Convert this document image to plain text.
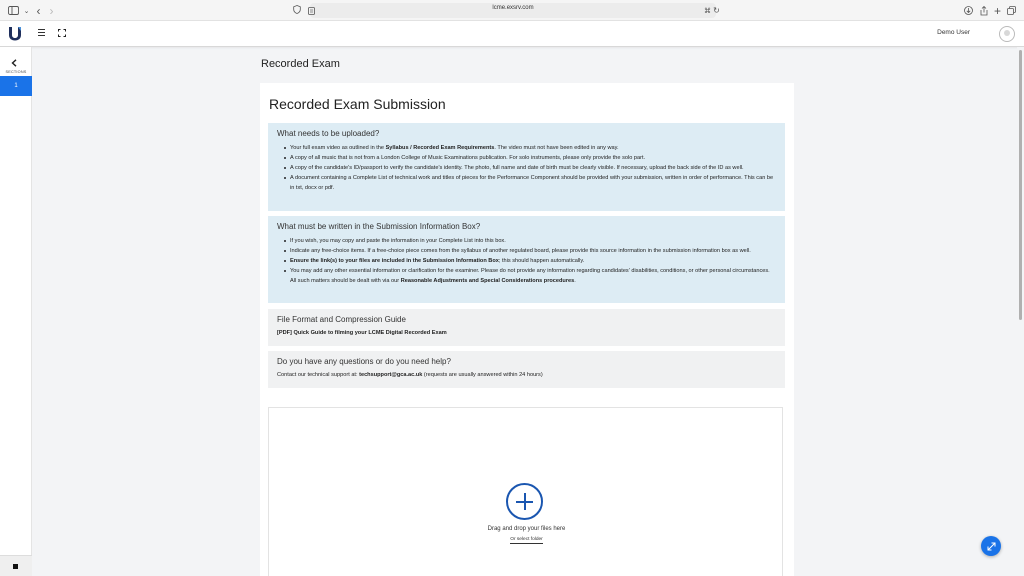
⌄ ‹ ›	lcme.exsrv.com	⌘ ↻	+
Demo User
SECTIONS
1
Recorded Exam
Recorded Exam Submission
What needs to be uploaded?
Your full exam video as outlined in the Syllabus / Recorded Exam Requirements. The video must not have been edited in any way.
A copy of all music that is not from a London College of Music Examinations publication. For solo instruments, please only provide the solo part.
A copy of the candidate's ID/passport to verify the candidate's identity. The photo, full name and date of birth must be clearly visible. If necessary, upload the back side of the ID as well.
A document containing a Complete List of technical work and titles of pieces for the Performance Component should be provided with your submission, written in order of performance. This can be in txt, docx or pdf.
What must be written in the Submission Information Box?
If you wish, you may copy and paste the information in your Complete List into this box.
Indicate any free-choice items. If a free-choice piece comes from the syllabus of another regulated board, please provide this source information in the submission information box as well.
Ensure the link(s) to your files are included in the Submission Information Box; this should happen automatically.
You may add any other essential information or clarification for the examiner. Please do not provide any information regarding candidates' disabilities, conditions, or other personal circumstances. All such matters should be dealt with via our Reasonable Adjustments and Special Considerations procedures.
File Format and Compression Guide

[PDF] Quick Guide to filming your LCME Digital Recorded Exam

Do you have any questions or do you need help?

Contact our technical support at: techsupport@gca.ac.uk (requests are usually answered within 24 hours)

Drag and drop your files here
Or select folder
